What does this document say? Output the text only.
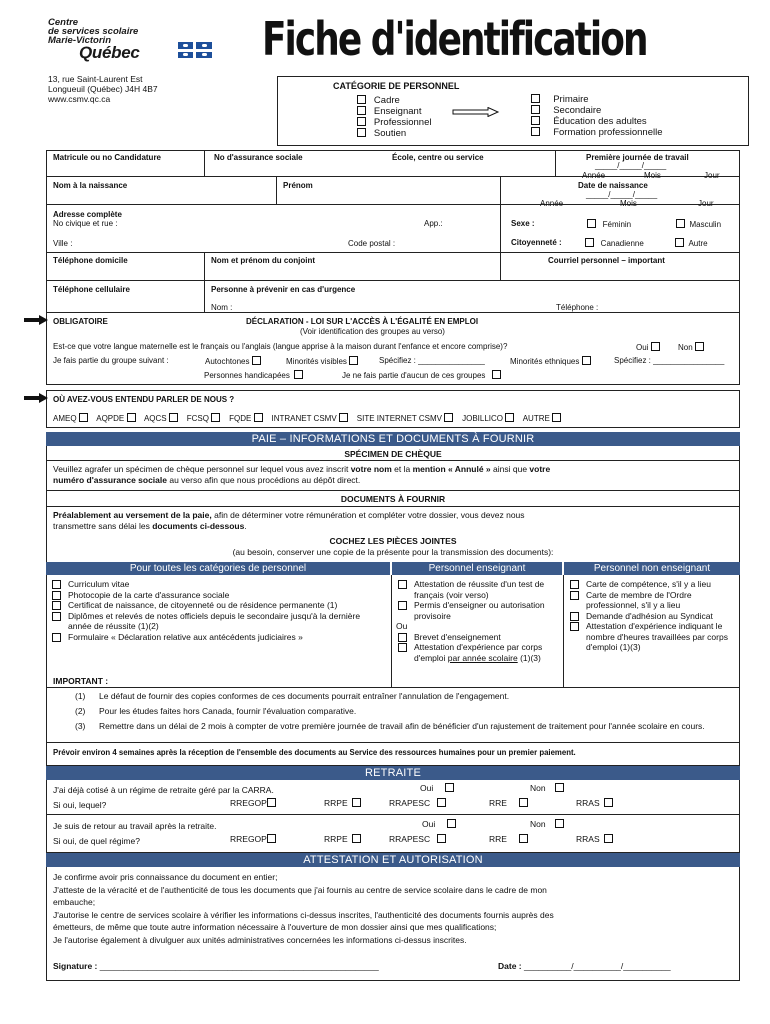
Centre
de services scolaire
Marie-Victorin
Québec	Fiche d'identification
13, rue Saint-Laurent Est
Longueuil (Québec) J4H 4B7
www.csmv.qc.ca
CATÉGORIE DE PERSONNEL
Cadre
Enseignant
Professionnel
Soutien
Primaire
Secondaire
Éducation des adultes
Formation professionnelle
Matricule ou no Candidature	No d'assurance sociale	École, centre ou service	Première journée de travail
_____/_____/_____
Année	Mois	Jour
Nom à la naissance	Prénom	Date de naissance
_____/_____/_____
Année	Mois	Jour
Adresse complète
No civique et rue :	App.:	Sexe :	Féminin	Masculin
Ville :	Code postal :	Citoyenneté :	Canadienne	Autre
Téléphone domicile	Nom et prénom du conjoint	Courriel personnel – important
Téléphone cellulaire	Personne à prévenir en cas d'urgence
Nom :	Téléphone :
OBLIGATOIRE	DÉCLARATION - LOI SUR L'ACCÈS À L'ÉGALITÉ EN EMPLOI
(Voir identification des groupes au verso)
Est-ce que votre langue maternelle est le français ou l'anglais (langue apprise à la maison durant l'enfance et encore comprise)?	Oui	Non
Je fais partie du groupe suivant :	Autochtones	Minorités visibles	Spécifiez : _______________	Minorités ethniques	Spécifiez : ________________
Personnes handicapées	Je ne fais partie d'aucun de ces groupes
OÙ AVEZ-VOUS ENTENDU PARLER DE NOUS ?
AMEQ AQPDE AQCS	FCSQ	FQDE	INTRANET CSMV	SITE INTERNET CSMV	JOBILLICO AUTRE
PAIE – INFORMATIONS ET DOCUMENTS À FOURNIR
SPÉCIMEN DE CHÈQUE
Veuillez agrafer un spécimen de chèque personnel sur lequel vous avez inscrit votre nom et la mention « Annulé » ainsi que votre
numéro d'assurance sociale au verso afin que nous procédions au dépôt direct.
DOCUMENTS À FOURNIR
Préalablement au versement de la paie, afin de déterminer votre rémunération et compléter votre dossier, vous devez nous
transmettre sans délai les documents ci-dessous.
COCHEZ LES PIÈCES JOINTES
(au besoin, conserver une copie de la présente pour la transmission des documents):
Pour toutes les catégories de personnel	Personnel enseignant	Personnel non enseignant
Curriculum vitae
Photocopie de la carte d'assurance sociale
Certificat de naissance, de citoyenneté ou de résidence permanente (1)
Diplômes et relevés de notes officiels depuis le secondaire jusqu'à la dernière année de réussite (1)(2)
Formulaire « Déclaration relative aux antécédents judiciaires »
IMPORTANT :
Attestation de réussite d'un test de français (voir verso)
Permis d'enseigner ou autorisation provisoire
Ou
Brevet d'enseignement
Attestation d'expérience par corps d'emploi par année scolaire (1)(3)
Carte de compétence, s'il y a lieu
Carte de membre de l'Ordre professionnel, s'il y a lieu
Demande d'adhésion au Syndicat
Attestation d'expérience indiquant le nombre d'heures travaillées par corps d'emploi (1)(3)
(1) Le défaut de fournir des copies conformes de ces documents pourrait entraîner l'annulation de l'engagement.
(2) Pour les études faites hors Canada, fournir l'évaluation comparative.
(3) Remettre dans un délai de 2 mois à compter de votre première journée de travail afin de bénéficier d'un rajustement de traitement pour l'année scolaire en cours.
Prévoir environ 4 semaines après la réception de l'ensemble des documents au Service des ressources humaines pour un premier paiement.
RETRAITE
J'ai déjà cotisé à un régime de retraite géré par la CARRA.	Oui	Non
Si oui, lequel?	RREGOP	RRPE	RRAPESC	RRE	RRAS
Je suis de retour au travail après la retraite.	Oui	Non
Si oui, de quel régime?	RREGOP	RRPE	RRAPESC	RRE	RRAS
ATTESTATION ET AUTORISATION
Je confirme avoir pris connaissance du document en entier;
J'atteste de la véracité et de l'authenticité de tous les documents que j'ai fournis au centre de service scolaire dans le cadre de mon
embauche;
J'autorise le centre de services scolaire à vérifier les informations ci-dessus inscrites, l'authenticité des documents fournis auprès des
émetteurs, de même que toute autre information nécessaire à l'ouverture de mon dossier ainsi que mes qualifications;
Je l'autorise également à divulguer aux unités administratives concernées les informations ci-dessus inscrites.
Signature : ___________________________________________________________	Date : __________/__________/__________
